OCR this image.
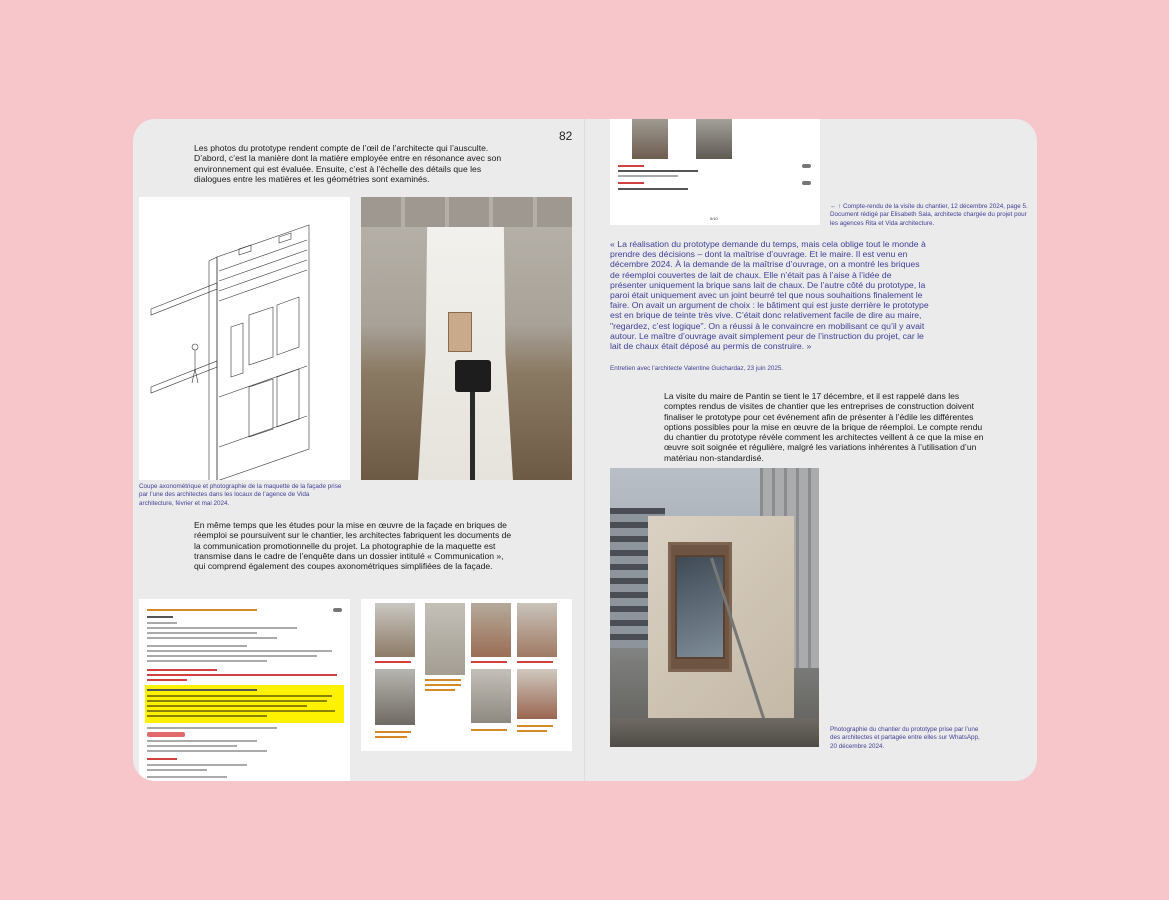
82
Les photos du prototype rendent compte de l’œil de l’architecte qui l’ausculte. D’abord, c’est la manière dont la matière employée entre en résonance avec son environnement qui est évaluée. Ensuite, c’est à l’échelle des détails que les dialogues entre les matières et les géométries sont examinés.
Coupe axonométrique et photographie de la maquette de la façade prise par l’une des architectes dans les locaux de l’agence de Vida architecture, février et mai 2024.
En même temps que les études pour la mise en œuvre de la façade en briques de réemploi se poursuivent sur le chantier, les architectes fabriquent les documents de la communication promotionnelle du projet. La photographie de la maquette est transmise dans le cadre de l’enquête dans un dossier intitulé « Communication », qui comprend également des coupes axonométriques simplifiées de la façade.
5/10
← ↑ Compte-rendu de la visite du chantier, 12 décembre 2024, page 5. Document rédigé par Elisabeth Sala, architecte chargée du projet pour les agences Rita et Vida architecture.
« La réalisation du prototype demande du temps, mais cela oblige tout le monde à prendre des décisions – dont la maîtrise d’ouvrage. Et le maire. Il est venu en décembre 2024. À la demande de la maîtrise d’ouvrage, on a montré les briques de réemploi couvertes de lait de chaux. Elle n’était pas à l’aise à l’idée de présenter uniquement la brique sans lait de chaux. De l’autre côté du prototype, la paroi était uniquement avec un joint beurré tel que nous souhaitions finalement le faire. On avait un argument de choix : le bâtiment qui est juste derrière le prototype est en brique de teinte très vive. C’était donc relativement facile de dire au maire, "regardez, c’est logique". On a réussi à le convaincre en mobilisant ce qu’il y avait autour. Le maître d’ouvrage avait simplement peur de l’instruction du projet, car le lait de chaux était déposé au permis de construire. »
Entretien avec l’architecte Valentine Guichardaz, 23 juin 2025.
La visite du maire de Pantin se tient le 17 décembre, et il est rappelé dans les comptes rendus de visites de chantier que les entreprises de construction doivent finaliser le prototype pour cet événement afin de présenter à l’édile les différentes options possibles pour la mise en œuvre de la brique de réemploi. Le compte rendu du chantier du prototype révèle comment les architectes veillent à ce que la mise en œuvre soit soignée et régulière, malgré les variations inhérentes à l’utilisation d’un matériau non-standardisé.
Photographie du chantier du prototype prise par l’une des architectes et partagée entre elles sur WhatsApp, 20 décembre 2024.
